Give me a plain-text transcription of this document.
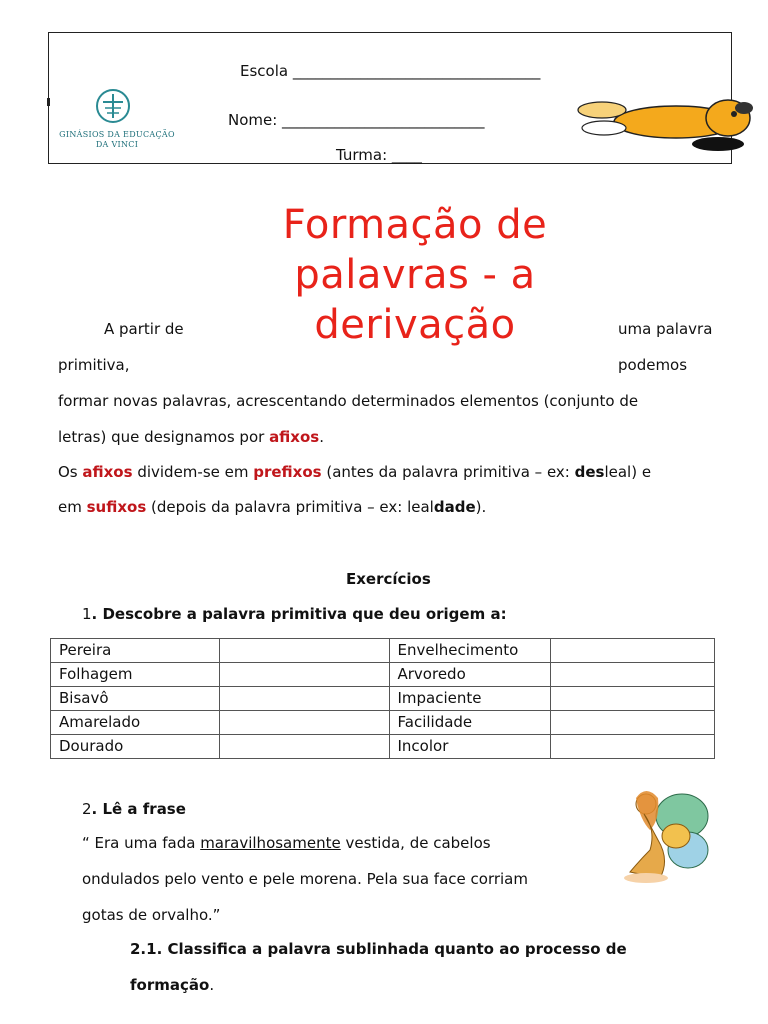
GINÁSIOS DA EDUCAÇÃO
DA VINCI
Escola _________________________________
Nome: ___________________________
Turma: ____
Formação de
palavras - a
derivação
A partir de	uma palavra
primitiva,	podemos
formar novas palavras, acrescentando determinados elementos (conjunto de
letras) que designamos por afixos.
Os afixos dividem-se em prefixos (antes da palavra primitiva – ex: desleal) e
em sufixos (depois da palavra primitiva – ex: lealdade).
Exercícios
1. Descobre a palavra primitiva que deu origem a:
Pereira		Envelhecimento	
Folhagem		Arvoredo	
Bisavô		Impaciente	
Amarelado		Facilidade	
Dourado		Incolor	
2. Lê a frase
“ Era uma fada maravilhosamente vestida, de cabelos
ondulados pelo vento e pele morena. Pela sua face corriam
gotas de orvalho.”
2.1. Classifica a palavra sublinhada quanto ao processo de
formação.
